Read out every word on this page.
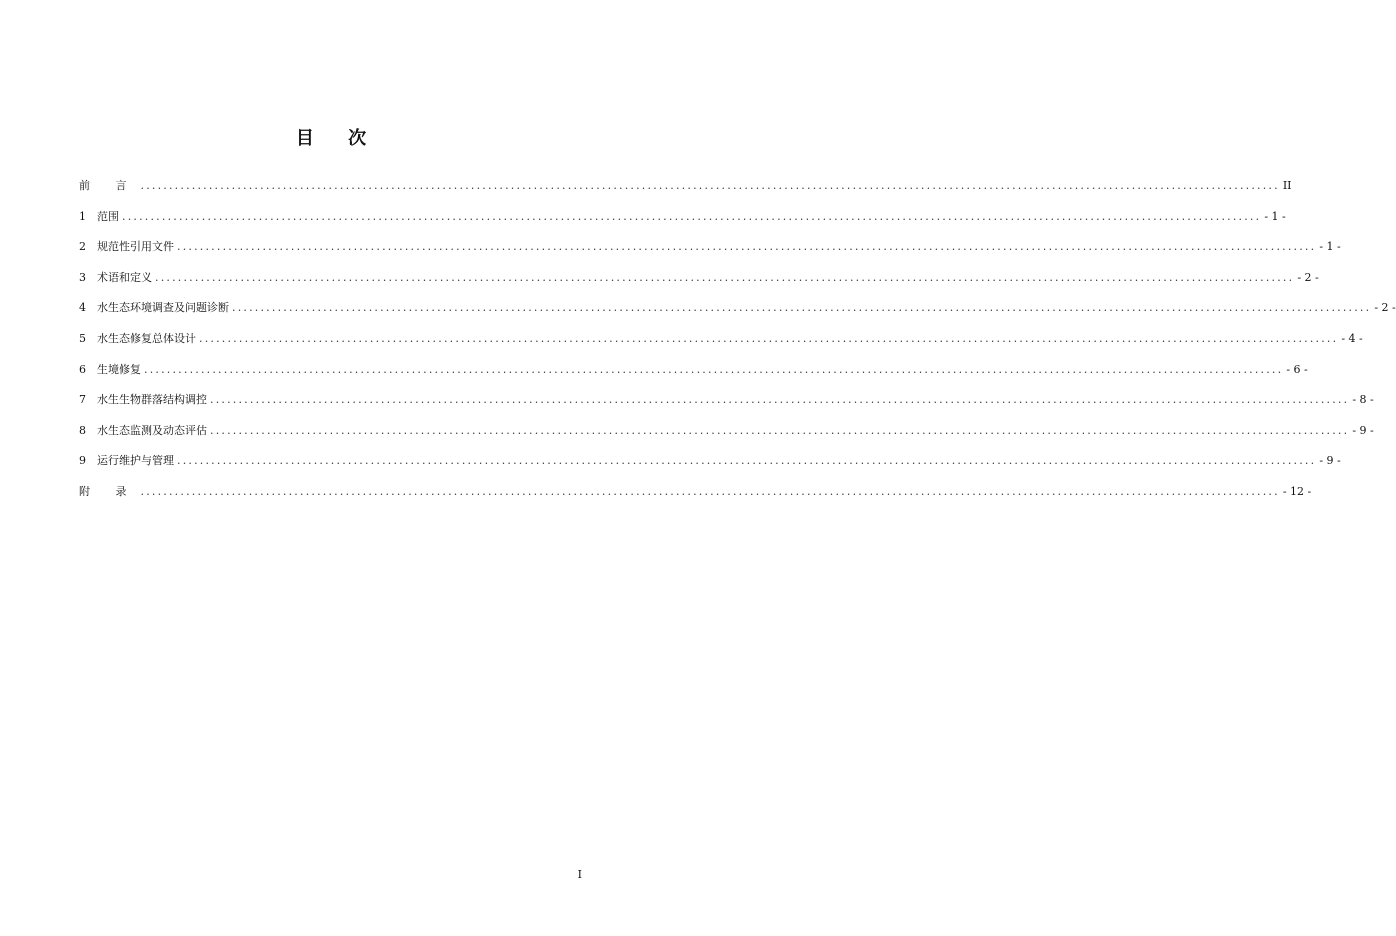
目 次
前 言 ........................................................................................................................................................................................................ II
1	范围 ........................................................................................................................................................................................................ - 1 -
2	规范性引用文件 ........................................................................................................................................................................................................ - 1 -
3	术语和定义 ........................................................................................................................................................................................................ - 2 -
4	水生态环境调查及问题诊断 ........................................................................................................................................................................................................ - 2 -
5	水生态修复总体设计 ........................................................................................................................................................................................................ - 4 -
6	生境修复 ........................................................................................................................................................................................................ - 6 -
7	水生生物群落结构调控 ........................................................................................................................................................................................................ - 8 -
8	水生态监测及动态评估 ........................................................................................................................................................................................................ - 9 -
9	运行维护与管理 ........................................................................................................................................................................................................ - 9 -
附 录 ........................................................................................................................................................................................................ - 12 -
I
